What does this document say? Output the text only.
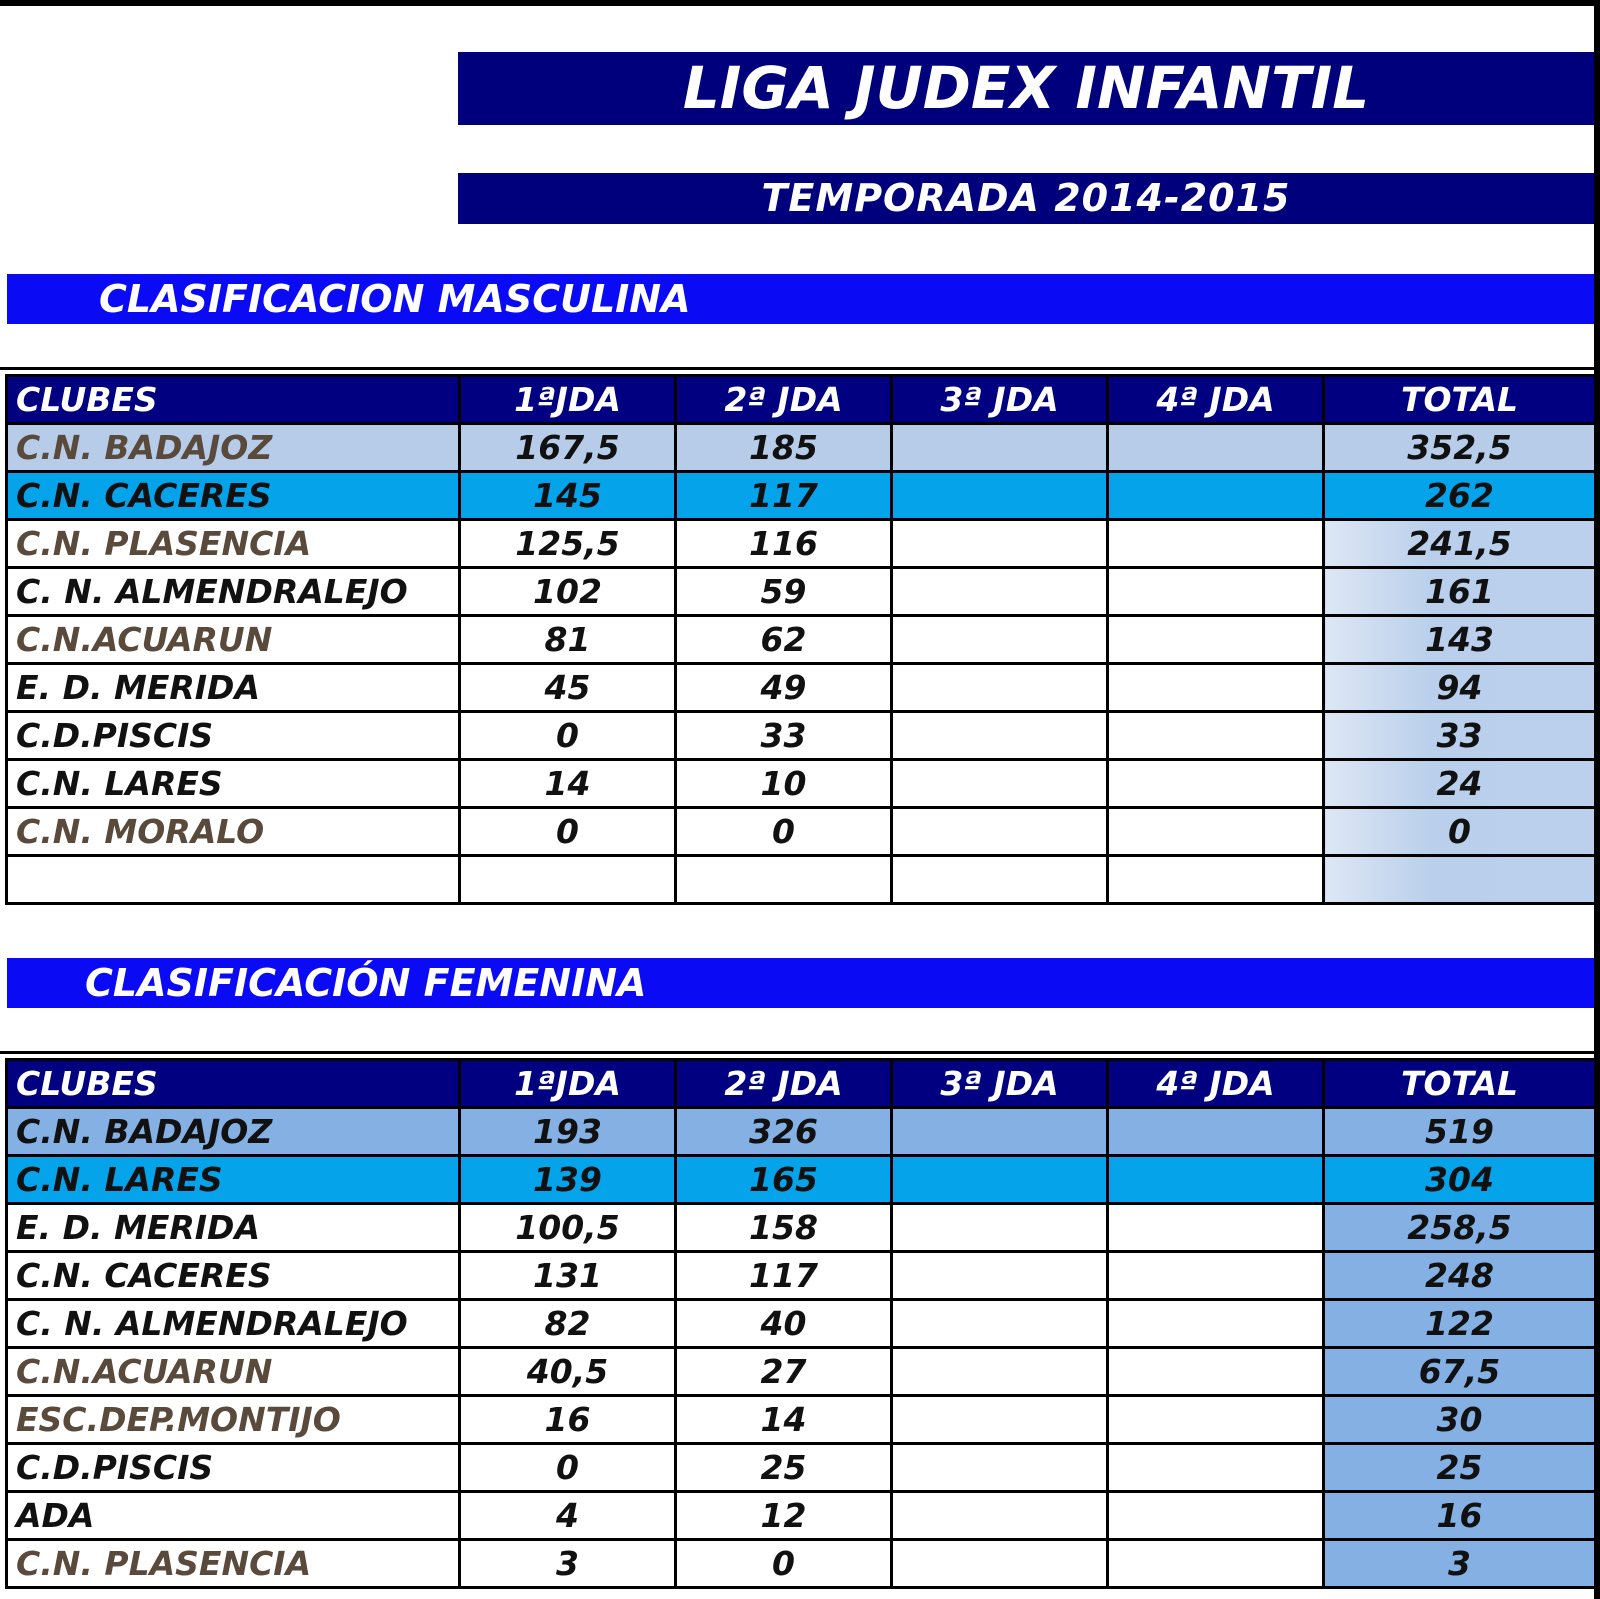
LIGA JUDEX INFANTIL
TEMPORADA 2014-2015
CLASIFICACION MASCULINA
CLUBES	1ªJDA	2ª JDA	3ª JDA	4ª JDA	TOTAL
C.N. BADAJOZ	167,5	185			352,5
C.N. CACERES	145	117			262
C.N. PLASENCIA	125,5	116			241,5
C. N. ALMENDRALEJO	102	59			161
C.N.ACUARUN	81	62			143
E. D. MERIDA	45	49			94
C.D.PISCIS	0	33			33
C.N. LARES	14	10			24
C.N. MORALO	0	0			0

CLASIFICACIÓN FEMENINA
CLUBES	1ªJDA	2ª JDA	3ª JDA	4ª JDA	TOTAL
C.N. BADAJOZ	193	326			519
C.N. LARES	139	165			304
E. D. MERIDA	100,5	158			258,5
C.N. CACERES	131	117			248
C. N. ALMENDRALEJO	82	40			122
C.N.ACUARUN	40,5	27			67,5
ESC.DEP.MONTIJO	16	14			30
C.D.PISCIS	0	25			25
ADA	4	12			16
C.N. PLASENCIA	3	0			3
